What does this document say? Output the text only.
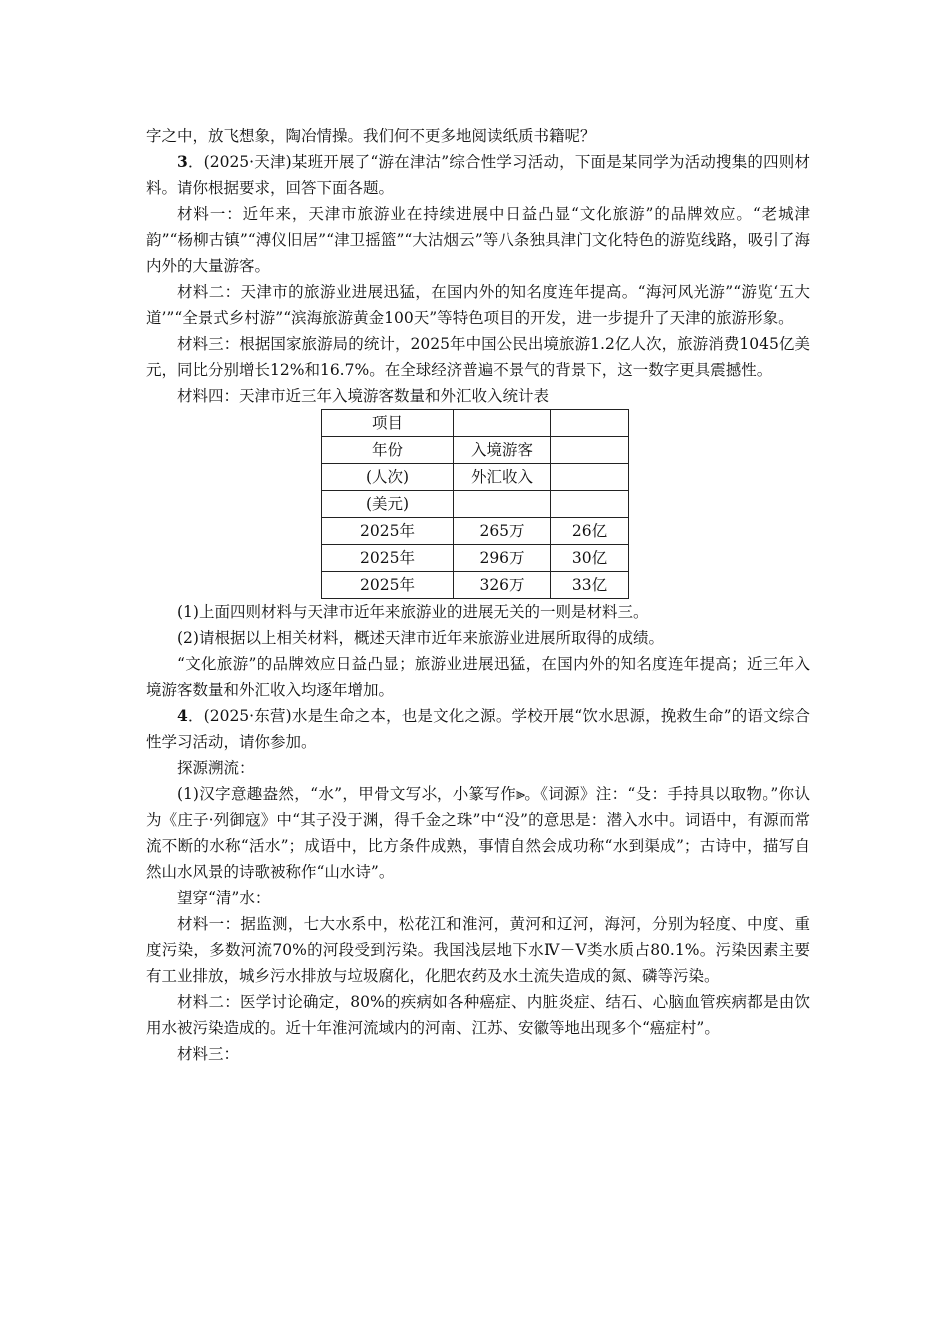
字之中，放飞想象，陶冶情操。我们何不更多地阅读纸质书籍呢？

3．(2025·天津)某班开展了“游在津沽”综合性学习活动，下面是某同学为活动搜集的四则材料。请你根据要求，回答下面各题。

材料一：近年来，天津市旅游业在持续进展中日益凸显“文化旅游”的品牌效应。“老城津韵”“杨柳古镇”“溥仪旧居”“津卫摇篮”“大沽烟云”等八条独具津门文化特色的游览线路，吸引了海内外的大量游客。

材料二：天津市的旅游业进展迅猛，在国内外的知名度连年提高。“海河风光游”“游览‘五大道’”“全景式乡村游”“滨海旅游黄金100天”等特色项目的开发，进一步提升了天津的旅游形象。

材料三：根据国家旅游局的统计，2025年中国公民出境旅游1.2亿人次，旅游消费1045亿美元，同比分别增长12%和16.7%。在全球经济普遍不景气的背景下，这一数字更具震撼性。

材料四：天津市近三年入境游客数量和外汇收入统计表

项目		
年份	入境游客	
(人次)	外汇收入	
(美元)		
2025年	265万	26亿
2025年	296万	30亿
2025年	326万	33亿

(1)上面四则材料与天津市近年来旅游业的进展无关的一则是材料三。

(2)请根据以上相关材料，概述天津市近年来旅游业进展所取得的成绩。

“文化旅游”的品牌效应日益凸显；旅游业进展迅猛，在国内外的知名度连年提高；近三年入境游客数量和外汇收入均逐年增加。

4．(2025·东营)水是生命之本，也是文化之源。学校开展“饮水思源，挽救生命”的语文综合性学习活动，请你参加。

探源溯流：

(1)汉字意趣盎然，“水”，甲骨文写⺢，小篆写作⫸。《词源》注：“殳：手持具以取物。”你认为《庄子·列御寇》中“其子没于渊，得千金之珠”中“没”的意思是：潜入水中。词语中，有源而常流不断的水称“活水”；成语中，比方条件成熟，事情自然会成功称“水到渠成”；古诗中，描写自然山水风景的诗歌被称作“山水诗”。

望穿“清”水：

材料一：据监测，七大水系中，松花江和淮河，黄河和辽河，海河，分别为轻度、中度、重度污染，多数河流70%的河段受到污染。我国浅层地下水Ⅳ－Ⅴ类水质占80.1%。污染因素主要有工业排放，城乡污水排放与垃圾腐化，化肥农药及水土流失造成的氮、磷等污染。

材料二：医学讨论确定，80%的疾病如各种癌症、内脏炎症、结石、心脑血管疾病都是由饮用水被污染造成的。近十年淮河流域内的河南、江苏、安徽等地出现多个“癌症村”。

材料三：
